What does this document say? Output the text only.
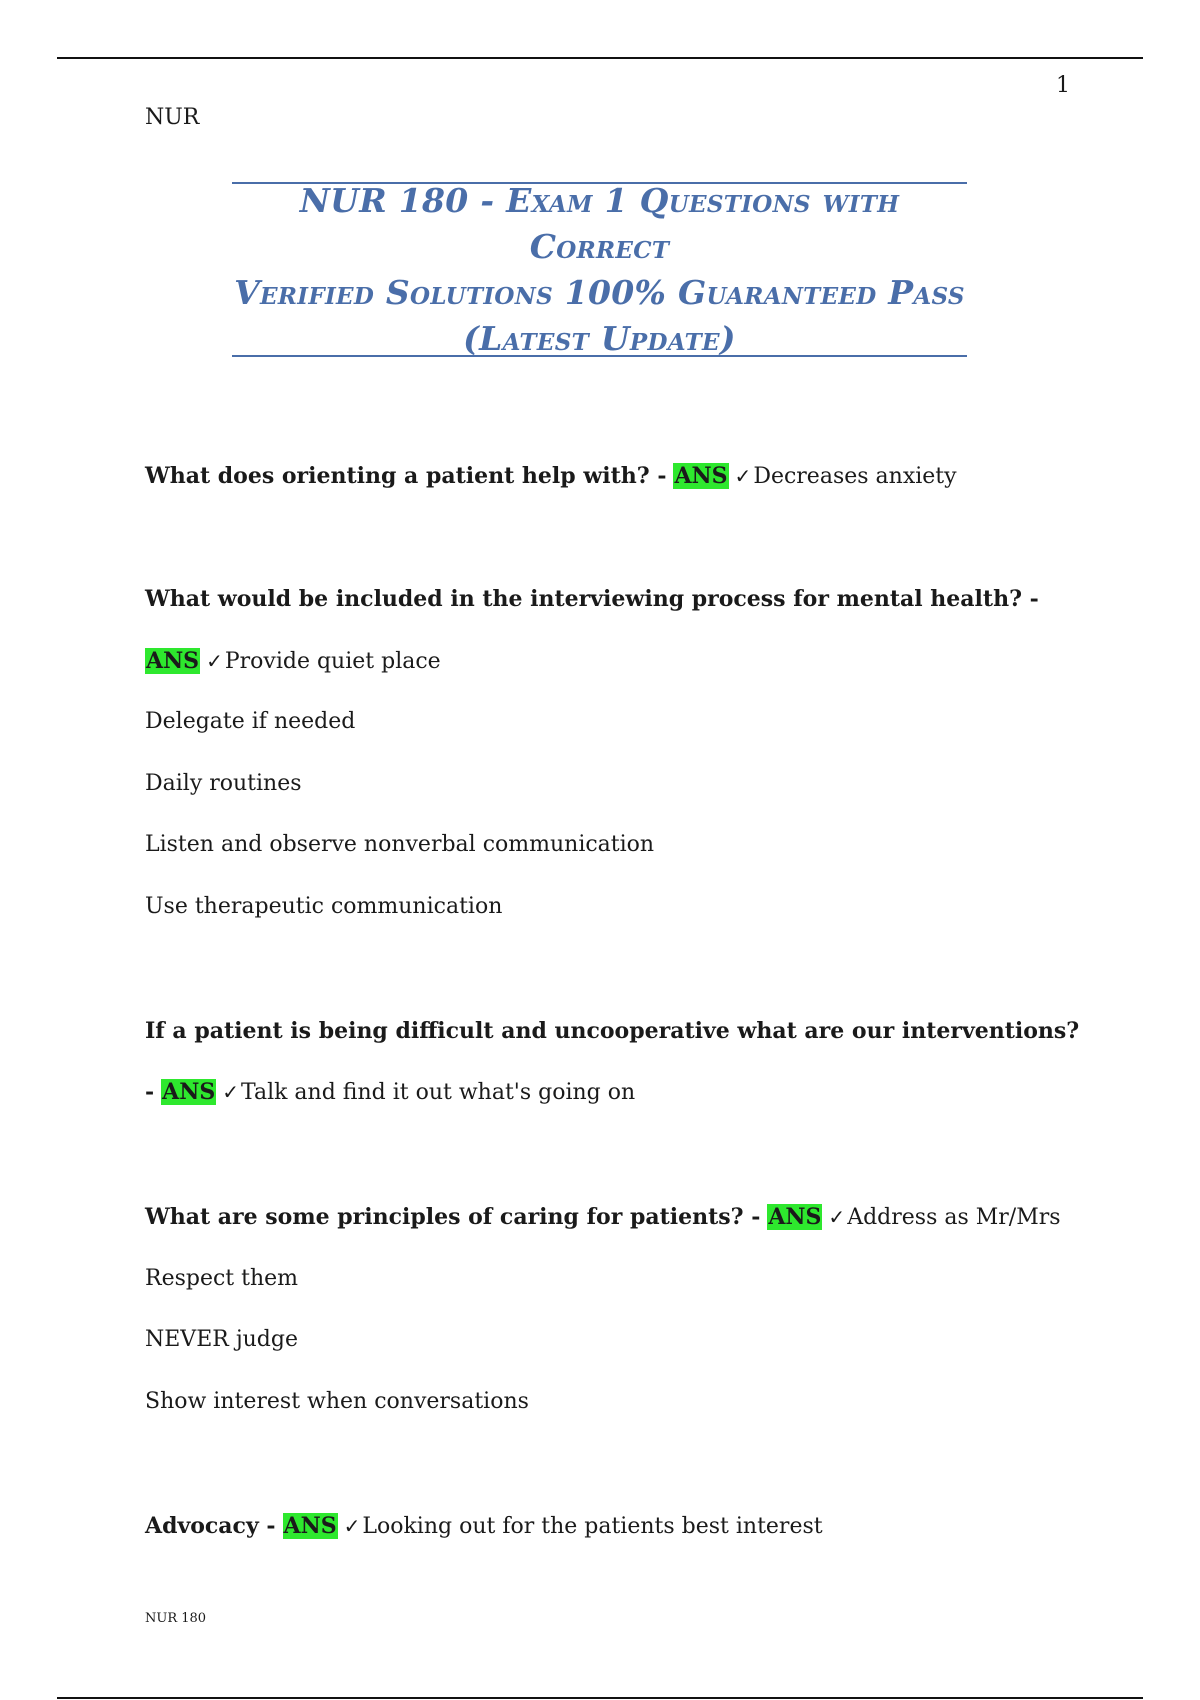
1
NUR
NUR 180 - Exam 1 Questions with Correct
Verified Solutions 100% Guaranteed Pass
(Latest Update)
What does orienting a patient help with? - ANS ✓Decreases anxiety
What would be included in the interviewing process for mental health? -
ANS ✓Provide quiet place
Delegate if needed
Daily routines
Listen and observe nonverbal communication
Use therapeutic communication
If a patient is being difficult and uncooperative what are our interventions?
- ANS ✓Talk and find it out what's going on
What are some principles of caring for patients? - ANS ✓Address as Mr/Mrs
Respect them
NEVER judge
Show interest when conversations
Advocacy - ANS ✓Looking out for the patients best interest
NUR 180
